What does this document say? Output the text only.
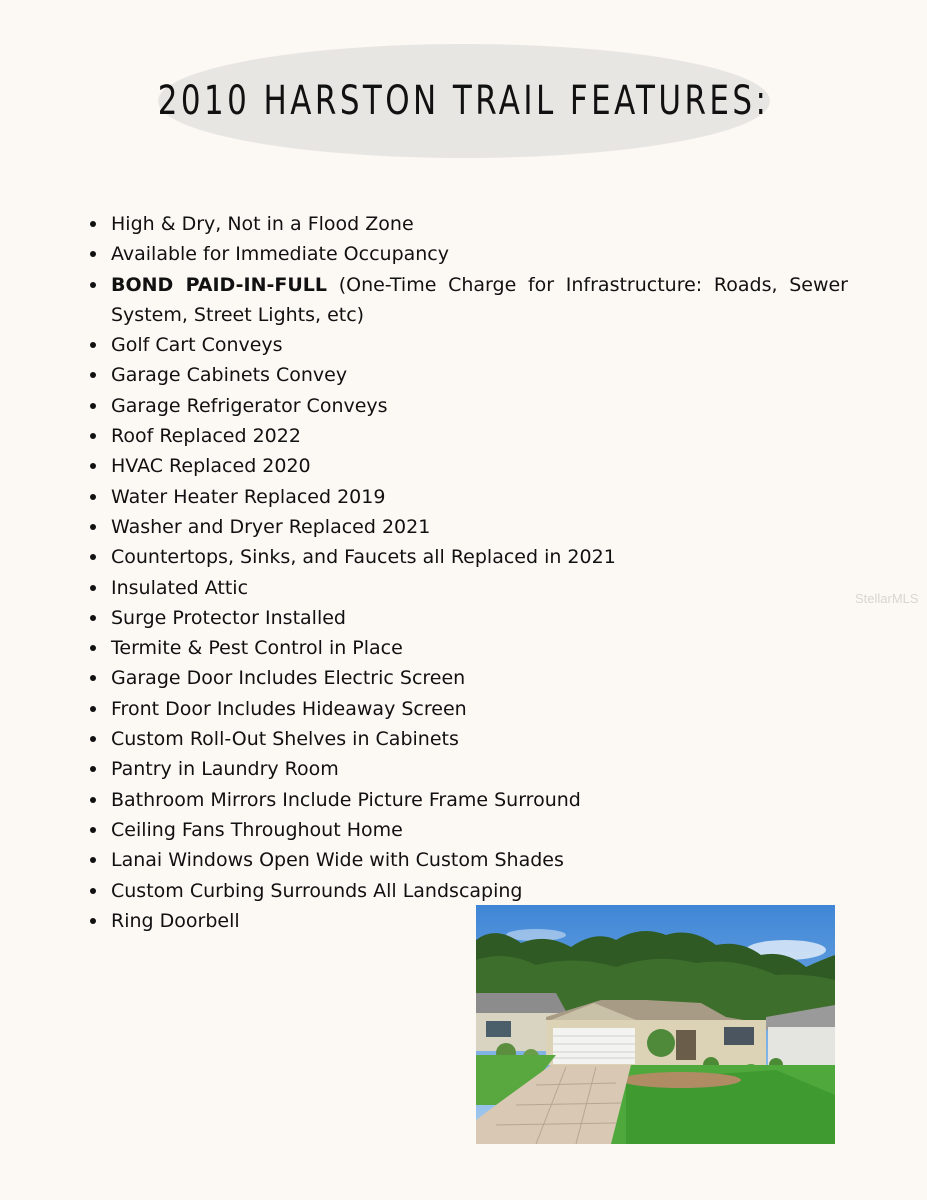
2010 HARSTON TRAIL FEATURES:
High & Dry, Not in a Flood Zone
Available for Immediate Occupancy
BOND PAID-IN-FULL (One-Time Charge for Infrastructure: Roads, Sewer System, Street Lights, etc)
Golf Cart Conveys
Garage Cabinets Convey
Garage Refrigerator Conveys
Roof Replaced 2022
HVAC Replaced 2020
Water Heater Replaced 2019
Washer and Dryer Replaced 2021
Countertops, Sinks, and Faucets all Replaced in 2021
Insulated Attic
Surge Protector Installed
Termite & Pest Control in Place
Garage Door Includes Electric Screen
Front Door Includes Hideaway Screen
Custom Roll-Out Shelves in Cabinets
Pantry in Laundry Room
Bathroom Mirrors Include Picture Frame Surround
Ceiling Fans Throughout Home
Lanai Windows Open Wide with Custom Shades
Custom Curbing Surrounds All Landscaping
Ring Doorbell
StellarMLS
